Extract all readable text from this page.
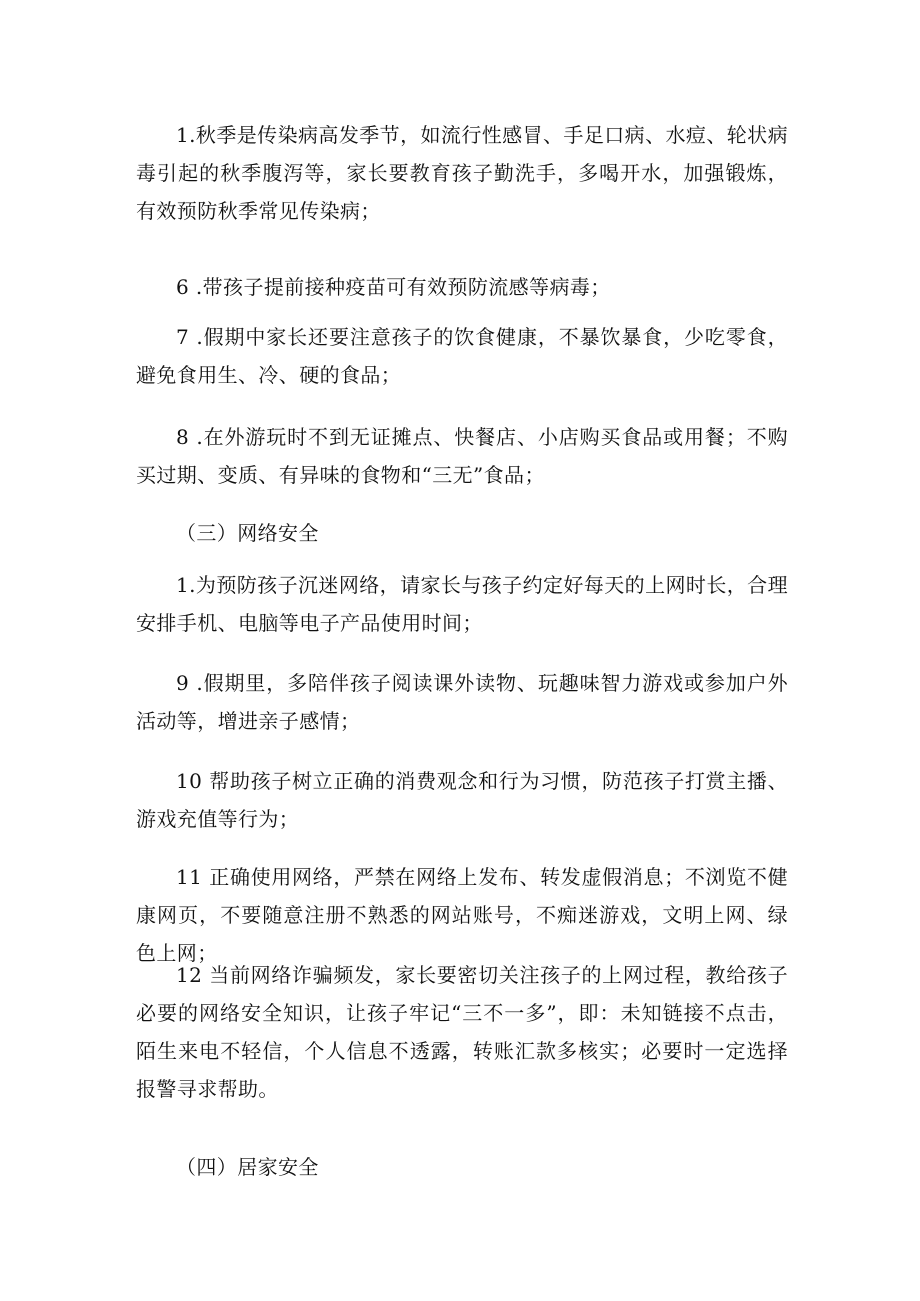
1.秋季是传染病高发季节，如流行性感冒、手足口病、水痘、轮状病毒引起的秋季腹泻等，家长要教育孩子勤洗手，多喝开水，加强锻炼，有效预防秋季常见传染病；

6 .带孩子提前接种疫苗可有效预防流感等病毒；

7 .假期中家长还要注意孩子的饮食健康，不暴饮暴食，少吃零食，避免食用生、冷、硬的食品；

8 .在外游玩时不到无证摊点、快餐店、小店购买食品或用餐；不购买过期、变质、有异味的食物和“三无”食品；

（三）网络安全

1.为预防孩子沉迷网络，请家长与孩子约定好每天的上网时长，合理安排手机、电脑等电子产品使用时间；

9 .假期里，多陪伴孩子阅读课外读物、玩趣味智力游戏或参加户外活动等，增进亲子感情；

10 帮助孩子树立正确的消费观念和行为习惯，防范孩子打赏主播、游戏充值等行为；

11 正确使用网络，严禁在网络上发布、转发虚假消息；不浏览不健康网页，不要随意注册不熟悉的网站账号，不痴迷游戏，文明上网、绿色上网；

12 当前网络诈骗频发，家长要密切关注孩子的上网过程，教给孩子必要的网络安全知识，让孩子牢记“三不一多”，即：未知链接不点击，陌生来电不轻信，个人信息不透露，转账汇款多核实；必要时一定选择报警寻求帮助。

（四）居家安全
